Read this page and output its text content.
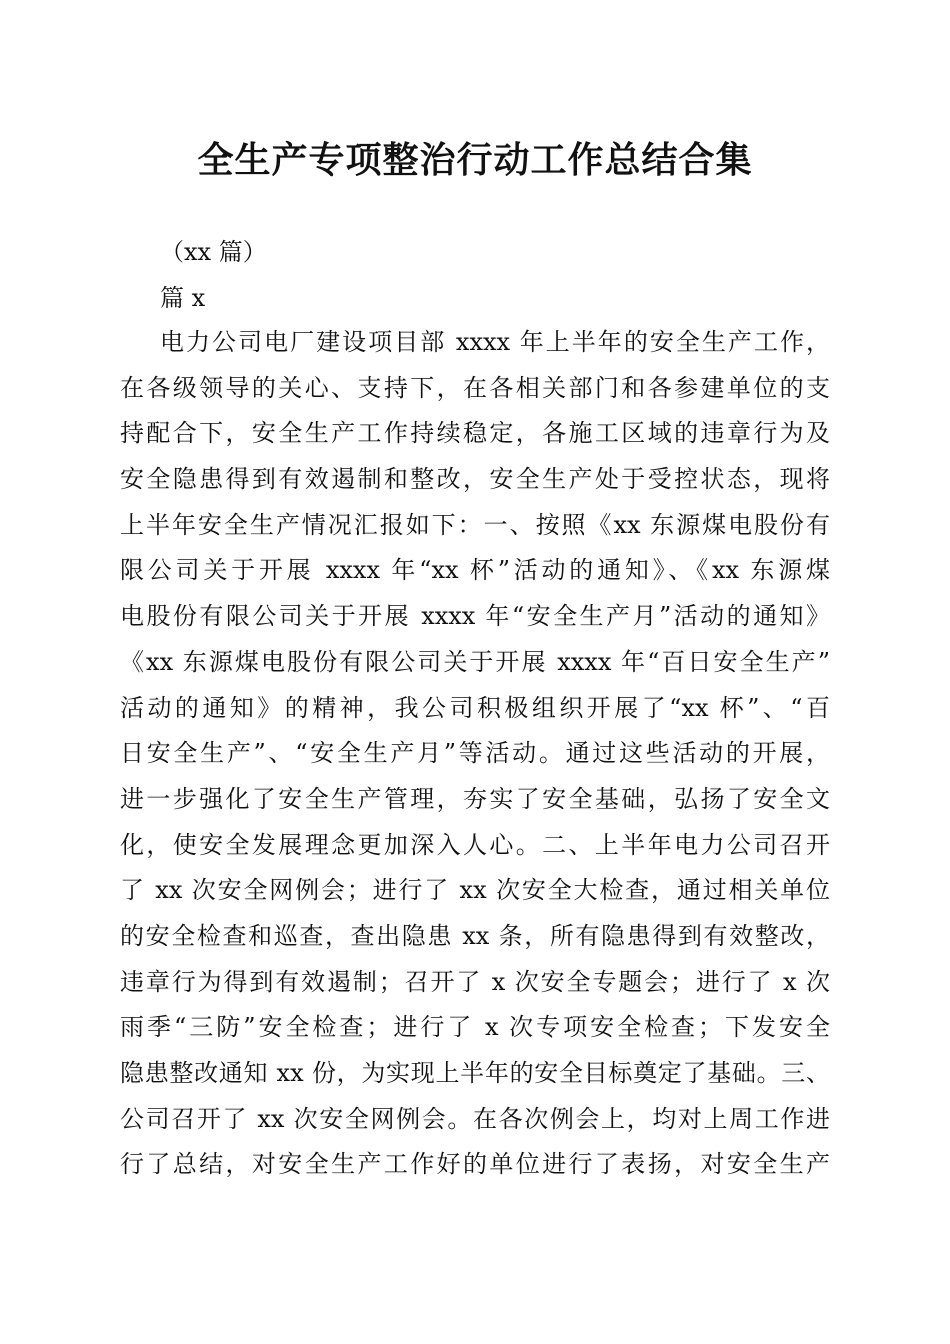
全生产专项整治行动工作总结合集

（xx 篇）

篇 x

电力公司电厂建设项目部 xxxx 年上半年的安全生产工作，
在各级领导的关心、支持下，在各相关部门和各参建单位的支
持配合下，安全生产工作持续稳定，各施工区域的违章行为及
安全隐患得到有效遏制和整改，安全生产处于受控状态，现将
上半年安全生产情况汇报如下：一、按照《xx 东源煤电股份有
限公司关于开展 xxxx 年“xx 杯”活动的通知》、《xx 东源煤
电股份有限公司关于开展 xxxx 年“安全生产月”活动的通知》
《xx 东源煤电股份有限公司关于开展 xxxx 年“百日安全生产”
活动的通知》的精神，我公司积极组织开展了“xx 杯”、“百
日安全生产”、“安全生产月”等活动。通过这些活动的开展，
进一步强化了安全生产管理，夯实了安全基础，弘扬了安全文
化，使安全发展理念更加深入人心。二、上半年电力公司召开
了 xx 次安全网例会；进行了 xx 次安全大检查，通过相关单位
的安全检查和巡查，查出隐患 xx 条，所有隐患得到有效整改，
违章行为得到有效遏制；召开了 x 次安全专题会；进行了 x 次
雨季“三防”安全检查；进行了 x 次专项安全检查；下发安全
隐患整改通知 xx 份，为实现上半年的安全目标奠定了基础。三、
公司召开了 xx 次安全网例会。在各次例会上，均对上周工作进
行了总结，对安全生产工作好的单位进行了表扬，对安全生产
